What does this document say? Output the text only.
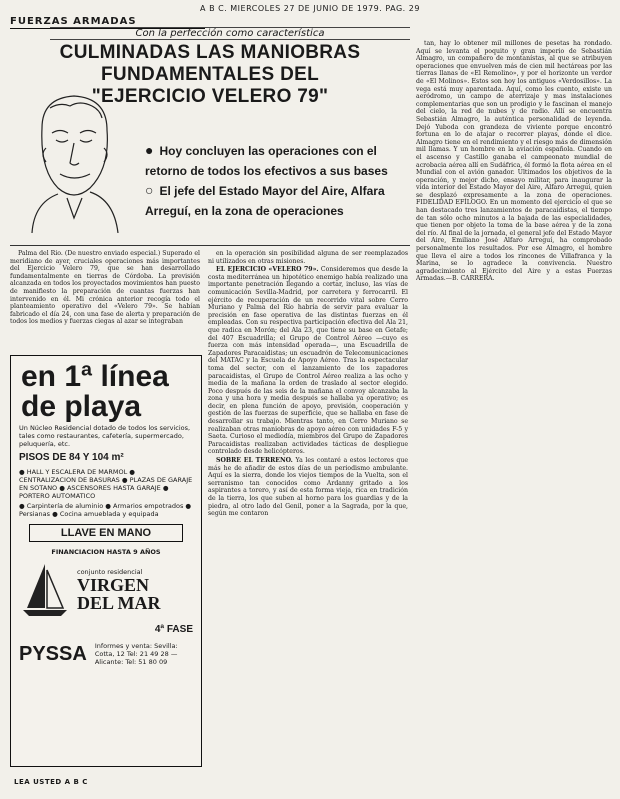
A B C. MIERCOLES 27 DE JUNIO DE 1979. PAG. 29
FUERZAS ARMADAS
Con la perfección como característica
CULMINADAS LAS MANIOBRAS FUNDAMENTALES DEL
"EJERCICIO VELERO 79"
● Hoy concluyen las operaciones con el retorno de todos los efectivos a sus bases
○ El jefe del Estado Mayor del Aire, Alfara Arreguí, en la zona de operaciones

Palma del Río. (De nuestro enviado especial.) Superado el meridiano de ayer, cruciales operaciones más importantes del Ejercicio Velero 79, que se han desarrollado fundamentalmente en tierras de Córdoba. La previsión alcanzada en todos los proyectados movimientos han puesto de manifiesto la preparación de cuantas fuerzas han intervenido en él. Mi crónica anterior recogía todo el planteamiento operativo del «Velero 79». Se habían fabricado el día 24, con una fase de alerta y preparación de todos los medios y fuerzas ciegas al azar se integraban

en la operación sin posibilidad alguna de ser reemplazados ni utilizados en otras misiones.

EL EJERCICIO «VELERO 79». Consideremos que desde la costa mediterránea un hipotético enemigo había realizado una importante penetración llegando a cortar, incluso, las vías de comunicación Sevilla-Madrid, por carretera y ferrocarril. El ejército de recuperación de un recorrido vital sobre Cerro Muriano y Palma del Río habría de servir para evaluar la precisión en fase operativa de las distintas fuerzas en él empleadas. Con su respectiva participación efectiva del Ala 21, que radica en Morón; del Ala 23, que tiene su base en Getafe; del 407 Escuadrilla; el Grupo de Control Aéreo —cuyo es fuerza con más intensidad operada—, una Escuadrilla de Zapadores Paracaidistas; un escuadrón de Telecomunicaciones del MATAC y la Escuela de Apoyo Aéreo. Tras la espectacular toma del sector, con el lanzamiento de los zapadores paracaidistas, el Grupo de Control Aéreo realiza a las ocho y media de la mañana la orden de traslado al sector elegido. Poco después de las seis de la mañana el convoy alcanzaba la zona y una hora y media después se hallaba ya operativo; es decir, en plena función de apoyo, previsión, cooperación y gestión de las fuerzas de superficie, que se hallaba en fase de desarrollar su trabajo. Mientras tanto, en Cerro Muriano se realizaban otras maniobras de apoyo aéreo con unidades F-5 y Saeta. Curioso el mediodía, miembros del Grupo de Zapadores Paracaidistas realizaban actividades tácticas de despliegue controlado desde helicópteros.

SOBRE EL TERRENO. Ya les contaré a estos lectores que más he de añadir de estos días de un periodismo ambulante. Aquí es la sierra, donde los viejos tiempos de la Vuelta, son el serranismo tan conocidos como Ardanny gritado a los aspirantes a torero, y así de esta forma vieja, rica en tradición de la tierra, los que suben al horno para los guardias y de la piedra, al otro lado del Genil, poner a la Sagrada, por la que, según me contaron

tan, hay lo obtener mil millones de pesetas ha rondado. Aquí se levanta el poquito y gran imperio de Sebastián Almagro, un compañero de montanístas, al que se atribuyen operaciones que envuelven más de cien mil hectáreas por las tierras llanas de «El Remolino», y por el horizonte un verdor de «El Molinos». Estos son hoy los antiguos «Verdosillos». La vega está muy aparentada. Aquí, como les cuento, existe un aeródromo, un campo de aterrizaje y mas instalaciones complementarias que son un prodigio y le fascinan el manejo del cielo, la red de nubes y de radio. Allí se encuentra Sebastián Almagro, la auténtica personalidad de leyenda. Dejó Yuboda con grandeza de viviente porque encontró fortuna en lo de atajar o recorrer playas, donde el dice. Almagro tiene en el rendimiento y el riesgo más de dimensión mil llamas. Y un hombre en la aviación española. Cuando en el ascenso y Castillo ganaba el campeonato mundial de acrobacia aérea allí en Sudáfrica, él formó la flota aérea en el Mundial con el avión ganador. Ultimados los objetivos de la operación, y mejor dicho, ensayo militar, para inaugurar la vida interior del Estado Mayor del Aire, Alfaro Arreguí, quien se desplazó expresamente a la zona de operaciones. FIDELIDAD EFÍLOGO. En un momento del ejercicio el que se han destacado tres lanzamientos de paracaidistas, el tiempo de tan sólo ocho minutos a la bajada de las especialidades, que tienen por objeto la toma de la base aérea y de la zona del río. Al final de la jornada, el general jefe del Estado Mayor del Aire, Emiliano José Alfaro Arreguí, ha comprobado personalmente los resultados. Por ese Almagro, el hombre que lleva el aire a todos los rincones de Villafranca y la Marina, se lo agradece la convivencia. Nuestro agradecimiento al Ejército del Aire y a estas Fuerzas Armadas.—B. CARRERA.

en 1ª línea
de playa
Un Núcleo Residencial dotado de todos los servicios, tales como restaurantes, cafetería, supermercado, peluquería, etc.
PISOS DE 84 Y 104 m²
● HALL Y ESCALERA DE MARMOL ● CENTRALIZACION DE BASURAS ● PLAZAS DE GARAJE EN SOTANO ● ASCENSORES HASTA GARAJE ● PORTERO AUTOMATICO
● Carpintería de aluminio ● Armarios empotrados ● Persianas ● Cocina amueblada y equipada
LLAVE EN MANO
FINANCIACION HASTA 9 AÑOS
conjunto residencial
VIRGEN
DEL MAR
4ª FASE
PYSSA Informes y venta: Sevilla: Cotta, 12 Tel: 21 49 28 — Alicante: Tel: 51 80 09
LEA USTED A B C
